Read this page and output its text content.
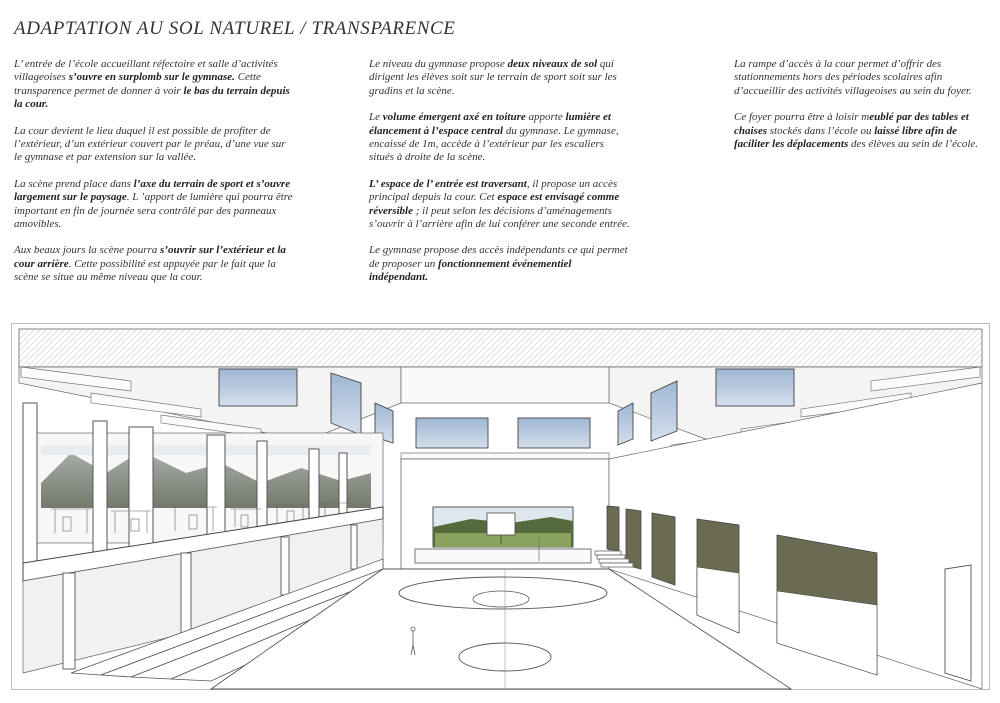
ADAPTATION AU SOL NATUREL / TRANSPARENCE

L’ entrée de l’école accueillant réfectoire et salle d’activités villageoises s’ouvre en surplomb sur le gymnase. Cette transparence permet de donner à voir le bas du terrain depuis la cour.

La cour devient le lieu duquel il est possible de profiter de l’extérieur, d’un extérieur couvert par le préau, d’une vue sur le gymnase et par extension sur la vallée.

La scène prend place dans l’axe du terrain de sport et s’ouvre largement sur le paysage. L ’apport de lumière qui pourra être important en fin de journée sera contrôlé par des panneaux amovibles.

Aux beaux jours la scène pourra s’ouvrir sur l’extérieur et la cour arrière. Cette possibilité est appuyée par le fait que la scène se situe au même niveau que la cour.

Le niveau du gymnase propose deux niveaux de sol qui dirigent les élèves soit sur le terrain de sport soit sur les gradins et la scène.

Le volume émergent axé en toiture apporte lumière et élancement à l’espace central du gymnase. Le gymnase, encaissé de 1m, accède à l’extérieur par les escaliers situés à droite de la scène.

L’ espace de l’ entrée est traversant, il propose un accès principal depuis la cour. Cet espace est envisagé comme réversible ; il peut selon les décisions d’aménagements s’ouvrir à l’arrière afin de lui conférer une seconde entrée.

Le gymnase propose des accès indépendants ce qui permet de proposer un fonctionnement événementiel indépendant.

La rampe d’accès à la cour permet d’offrir des stationnements hors des périodes scolaires afin d’accueillir des activités villageoises au sein du foyer.

Ce foyer pourra être à loisir meublé par des tables et chaises stockés dans l’école ou laissé libre afin de faciliter les déplacements des élèves au sein de l’école.
